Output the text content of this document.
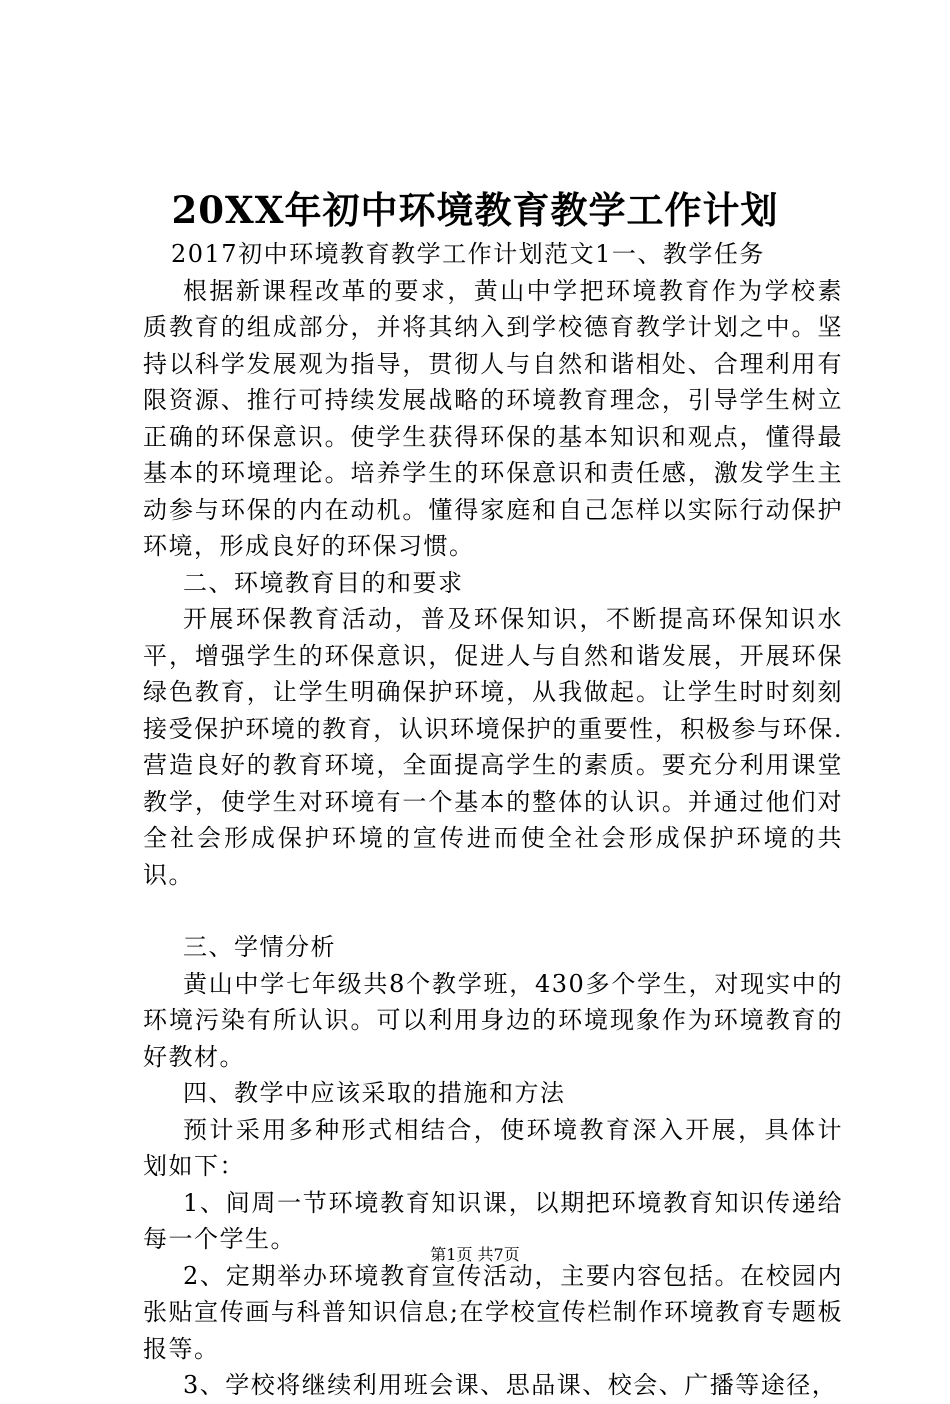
20XX年初中环境教育教学工作计划

2017初中环境教育教学工作计划范文1一、教学任务

根据新课程改革的要求，黄山中学把环境教育作为学校素质教育的组成部分，并将其纳入到学校德育教学计划之中。坚持以科学发展观为指导，贯彻人与自然和谐相处、合理利用有限资源、推行可持续发展战略的环境教育理念，引导学生树立正确的环保意识。使学生获得环保的基本知识和观点，懂得最基本的环境理论。培养学生的环保意识和责任感，激发学生主动参与环保的内在动机。懂得家庭和自己怎样以实际行动保护环境，形成良好的环保习惯。

二、环境教育目的和要求

开展环保教育活动，普及环保知识，不断提高环保知识水平，增强学生的环保意识，促进人与自然和谐发展，开展环保绿色教育，让学生明确保护环境，从我做起。让学生时时刻刻接受保护环境的教育，认识环境保护的重要性，积极参与环保.营造良好的教育环境，全面提高学生的素质。要充分利用课堂教学，使学生对环境有一个基本的整体的认识。并通过他们对全社会形成保护环境的宣传进而使全社会形成保护环境的共识。

三、学情分析

黄山中学七年级共8个教学班，430多个学生，对现实中的环境污染有所认识。可以利用身边的环境现象作为环境教育的好教材。

四、教学中应该采取的措施和方法

预计采用多种形式相结合，使环境教育深入开展，具体计划如下：

1、间周一节环境教育知识课，以期把环境教育知识传递给每一个学生。

2、定期举办环境教育宣传活动，主要内容包括。在校园内张贴宣传画与科普知识信息;在学校宣传栏制作环境教育专题板报等。

3、学校将继续利用班会课、思品课、校会、广播等途径，

第1页 共7页
